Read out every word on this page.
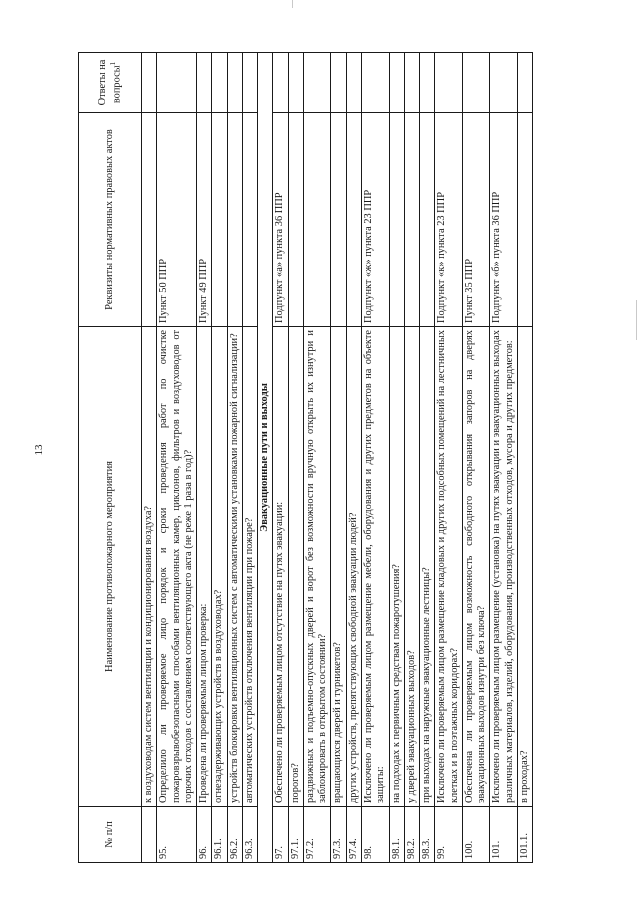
13
№ п/п	Наименование противопожарного мероприятия	Реквизиты нормативных правовых актов	Ответы на вопросы$^1$
	к воздуховодам систем вентиляции и кондиционирования воздуха?		
95.	Определило ли проверяемое лицо порядок и сроки проведения работ по очистке пожаровзрывобезопасными способами вентиляционных камер, циклонов, фильтров и воздуховодов от горючих отходов с составлением соответствующего акта (не реже 1 раза в год)?	Пункт 50 ППР	
96.	Проведена ли проверяемым лицом проверка:	Пункт 49 ППР	
96.1.	огнезадерживающих устройств в воздуховодах?		
96.2.	устройств блокировки вентиляционных систем с автоматическими установками пожарной сигнализации?		
96.3.	автоматических устройств отключения вентиляции при пожаре?		
Эвакуационные пути и выходы			
97.	Обеспечено ли проверяемым лицом отсутствие на путях эвакуации:	Подпункт «а» пункта 36 ППР	
97.1.	порогов?		
97.2.	раздвижных и подъемно-опускных дверей и ворот без возможности вручную открыть их изнутри и заблокировать в открытом состоянии?		
97.3.	вращающихся дверей и турникетов?		
97.4.	других устройств, препятствующих свободной эвакуации людей?		
98.	Исключено ли проверяемым лицом размещение мебели, оборудования и других предметов на объекте защиты:	Подпункт «ж» пункта 23 ППР	
98.1.	на подходах к первичным средствам пожаротушения?		
98.2.	у дверей эвакуационных выходов?		
98.3.	при выходах на наружные эвакуационные лестницы?		
99.	Исключено ли проверяемым лицом размещение кладовых и других подсобных помещений на лестничных клетках и в поэтажных коридорах?	Подпункт «к» пункта 23 ППР	
100.	Обеспечена ли проверяемым лицом возможность свободного открывания запоров на дверях эвакуационных выходов изнутри без ключа?	Пункт 35 ППР	
101.	Исключено ли проверяемым лицом размещение (установка) на путях эвакуации и эвакуационных выходах различных материалов, изделий, оборудования, производственных отходов, мусора и других предметов:	Подпункт «б» пункта 36 ППР	
101.1.	в проходах?		
